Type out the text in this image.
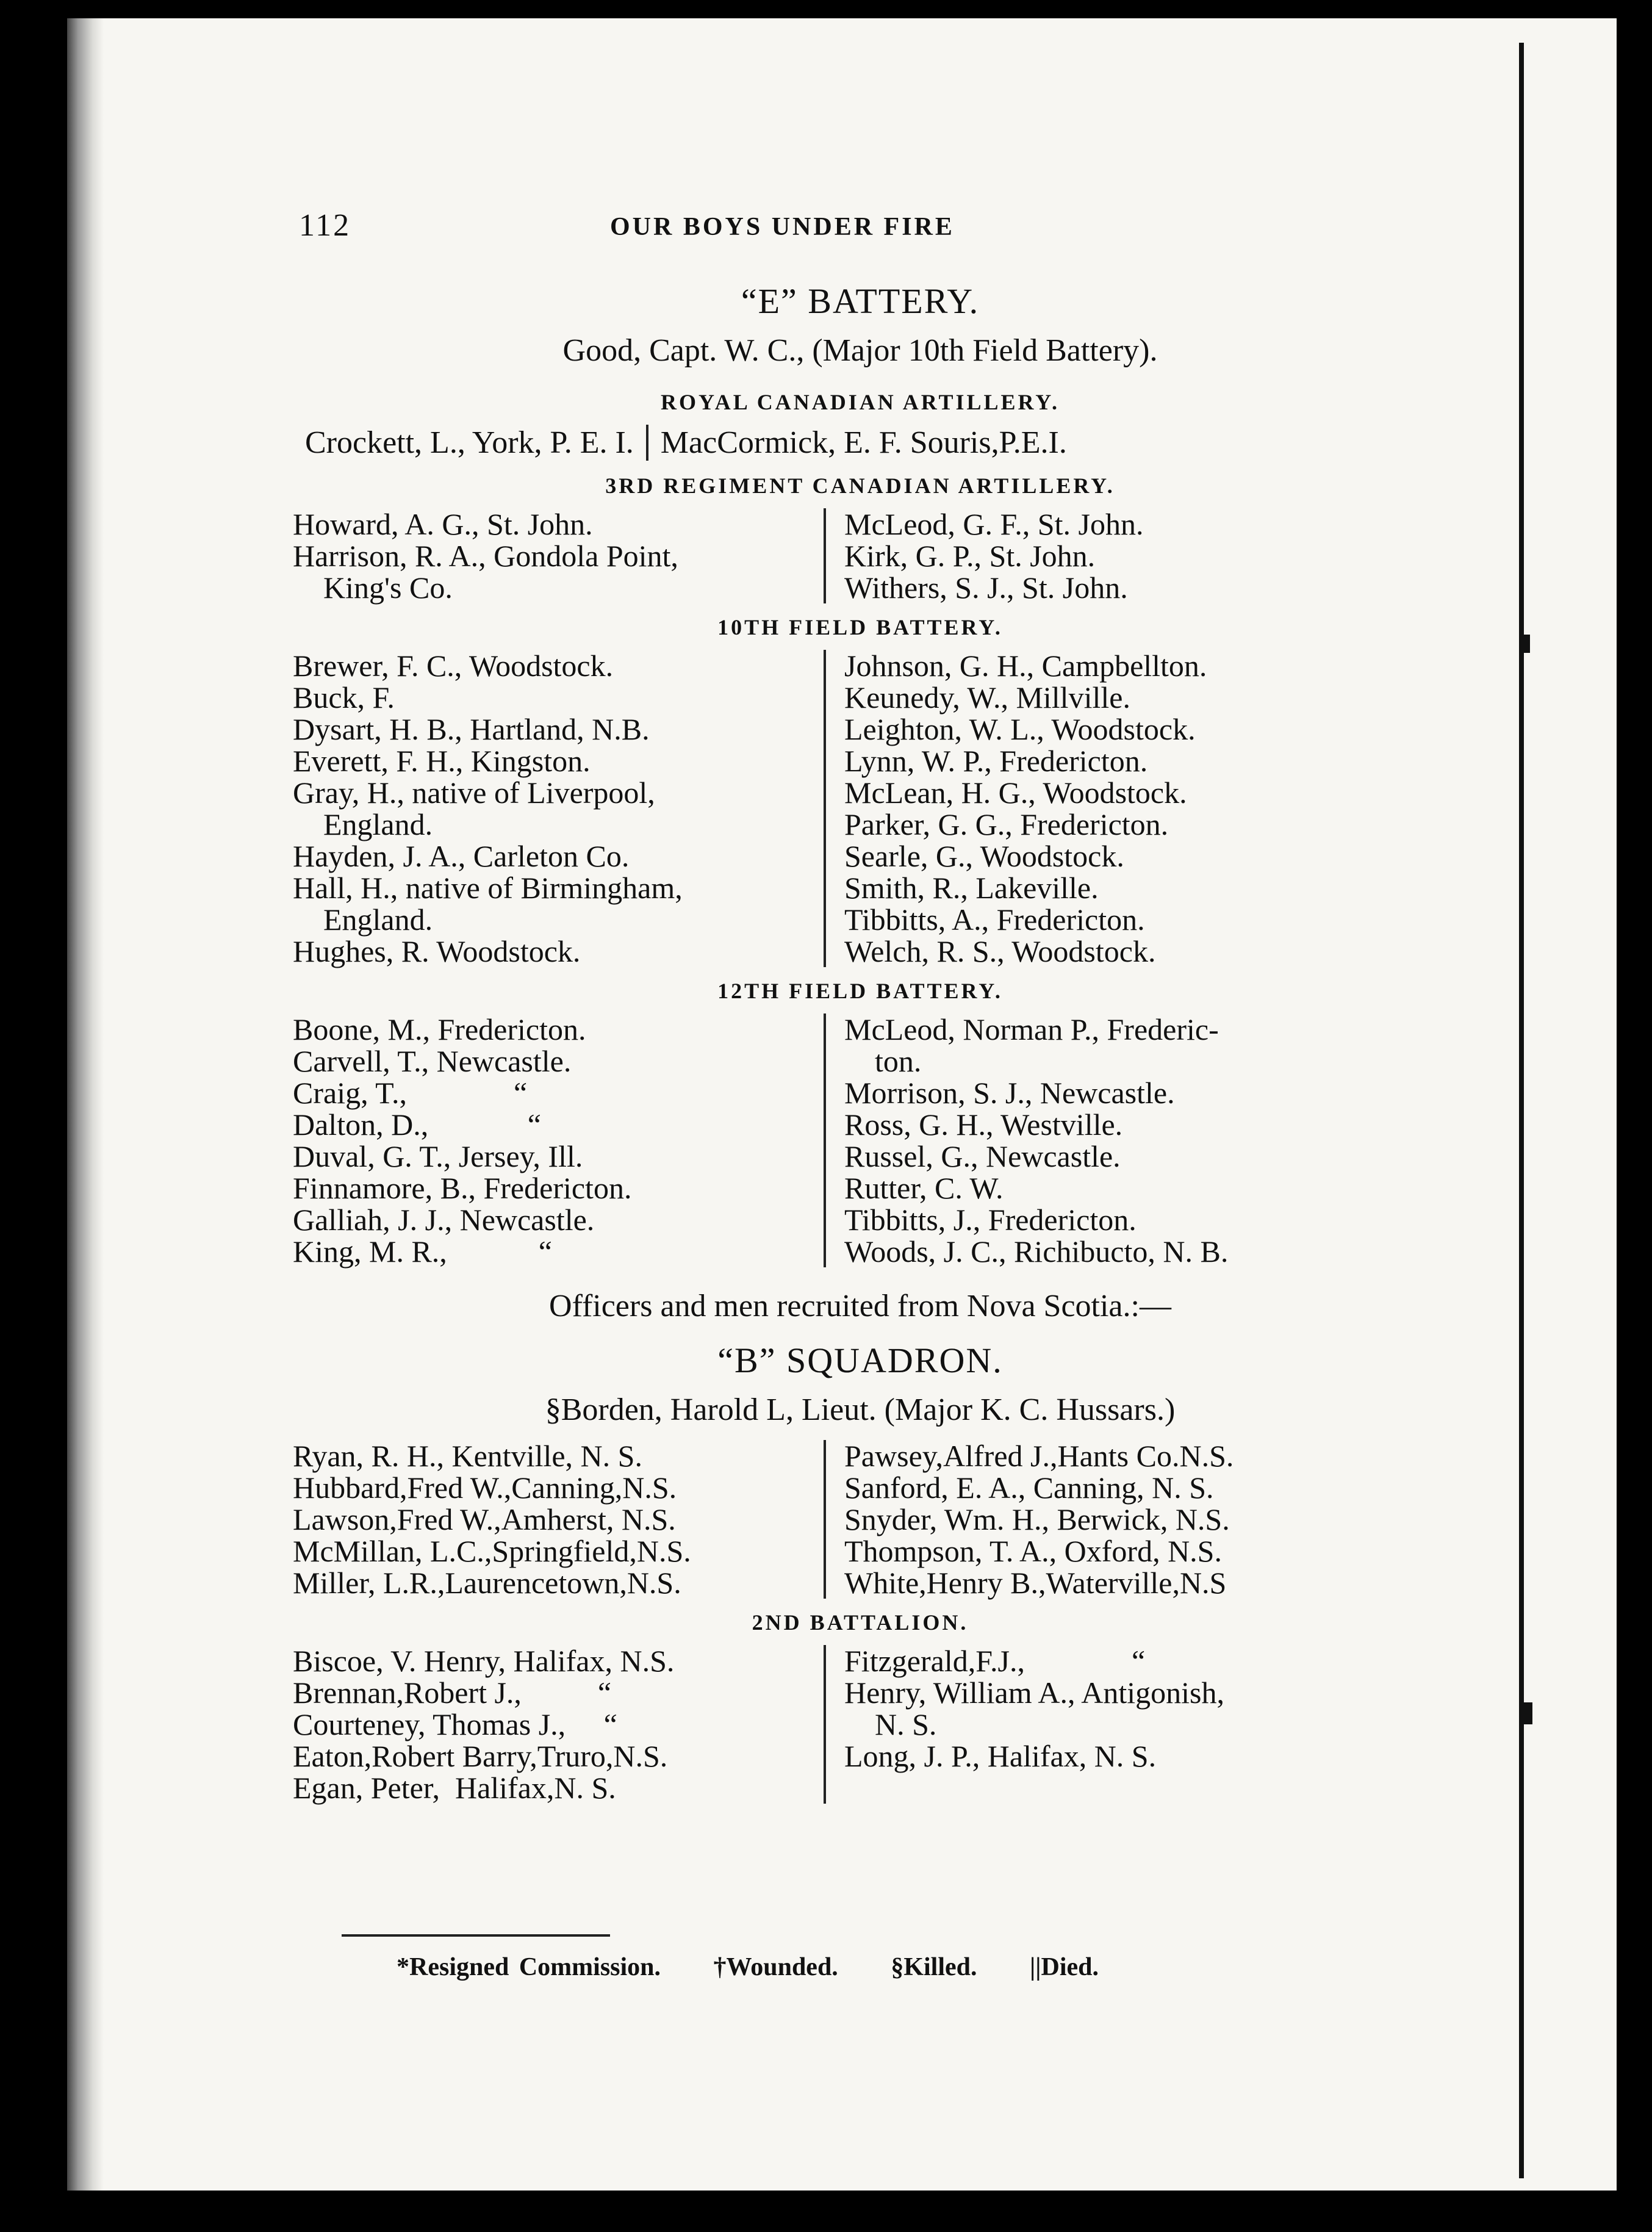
112	OUR BOYS UNDER FIRE
“E” BATTERY.
Good, Capt. W. C., (Major 10th Field Battery).
ROYAL CANADIAN ARTILLERY.
Crockett, L., York, P. E. I. MacCormick, E. F. Souris,P.E.I.
3RD REGIMENT CANADIAN ARTILLERY.
Howard, A. G., St. John.
Harrison, R. A., Gondola Point,
King's Co.
McLeod, G. F., St. John.
Kirk, G. P., St. John.
Withers, S. J., St. John.
10TH FIELD BATTERY.
Brewer, F. C., Woodstock.
Buck, F.
Dysart, H. B., Hartland, N.B.
Everett, F. H., Kingston.
Gray, H., native of Liverpool,
England.
Hayden, J. A., Carleton Co.
Hall, H., native of Birmingham,
England.
Hughes, R. Woodstock.
Johnson, G. H., Campbellton.
Keunedy, W., Millville.
Leighton, W. L., Woodstock.
Lynn, W. P., Fredericton.
McLean, H. G., Woodstock.
Parker, G. G., Fredericton.
Searle, G., Woodstock.
Smith, R., Lakeville.
Tibbitts, A., Fredericton.
Welch, R. S., Woodstock.
12TH FIELD BATTERY.
Boone, M., Fredericton.
Carvell, T., Newcastle.
Craig, T.,              “
Dalton, D.,             “
Duval, G. T., Jersey, Ill.
Finnamore, B., Fredericton.
Galliah, J. J., Newcastle.
King, M. R.,            “
McLeod, Norman P., Frederic-
ton.
Morrison, S. J., Newcastle.
Ross, G. H., Westville.
Russel, G., Newcastle.
Rutter, C. W.
Tibbitts, J., Fredericton.
Woods, J. C., Richibucto, N. B.
Officers and men recruited from Nova Scotia.:—
“B” SQUADRON.
§Borden, Harold L, Lieut. (Major K. C. Hussars.)
Ryan, R. H., Kentville, N. S.
Hubbard,Fred W.,Canning,N.S.
Lawson,Fred W.,Amherst, N.S.
McMillan, L.C.,Springfield,N.S.
Miller, L.R.,Laurencetown,N.S.
Pawsey,Alfred J.,Hants Co.N.S.
Sanford, E. A., Canning, N. S.
Snyder, Wm. H., Berwick, N.S.
Thompson, T. A., Oxford, N.S.
White,Henry B.,Waterville,N.S
2ND BATTALION.
Biscoe, V. Henry, Halifax, N.S.
Brennan,Robert J.,          “
Courteney, Thomas J.,     “
Eaton,Robert Barry,Truro,N.S.
Egan, Peter,  Halifax,N. S.
Fitzgerald,F.J.,              “
Henry, William A., Antigonish,
N. S.
Long, J. P., Halifax, N. S.
*Resigned Commission. †Wounded. §Killed. ||Died.
